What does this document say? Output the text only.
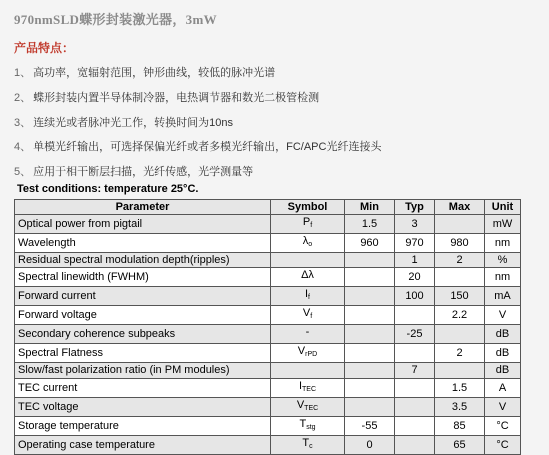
970nmSLD蝶形封装激光器，3mW
产品特点：
1、 高功率，宽辐射范围，钟形曲线，较低的脉冲光谱
2、 蝶形封装内置半导体制冷器，电热调节器和数光二极管检测
3、 连续光或者脉冲光工作，转换时间为10ns
4、 单模光纤输出，可选择保偏光纤或者多模光纤输出，FC/APC光纤连接头
5、 应用于相干断层扫描，光纤传感，光学测量等
Test conditions: temperature 25°C.
Parameter	Symbol	Min	Typ	Max	Unit
Optical power from pigtail	Pf	1.5	3		mW
Wavelength	λo	960	970	980	nm
Residual spectral modulation depth(ripples)			1	2	%
Spectral linewidth (FWHM)	Δλ		20		nm
Forward current	If		100	150	mA
Forward voltage	Vf			2.2	V
Secondary coherence subpeaks	-		-25		dB
Spectral Flatness	VrPD			2	dB
Slow/fast polarization ratio (in PM modules)			7		dB
TEC current	ITEC			1.5	A
TEC voltage	VTEC			3.5	V
Storage temperature	Tstg	-55		85	°C
Operating case temperature	Tc	0		65	°C
